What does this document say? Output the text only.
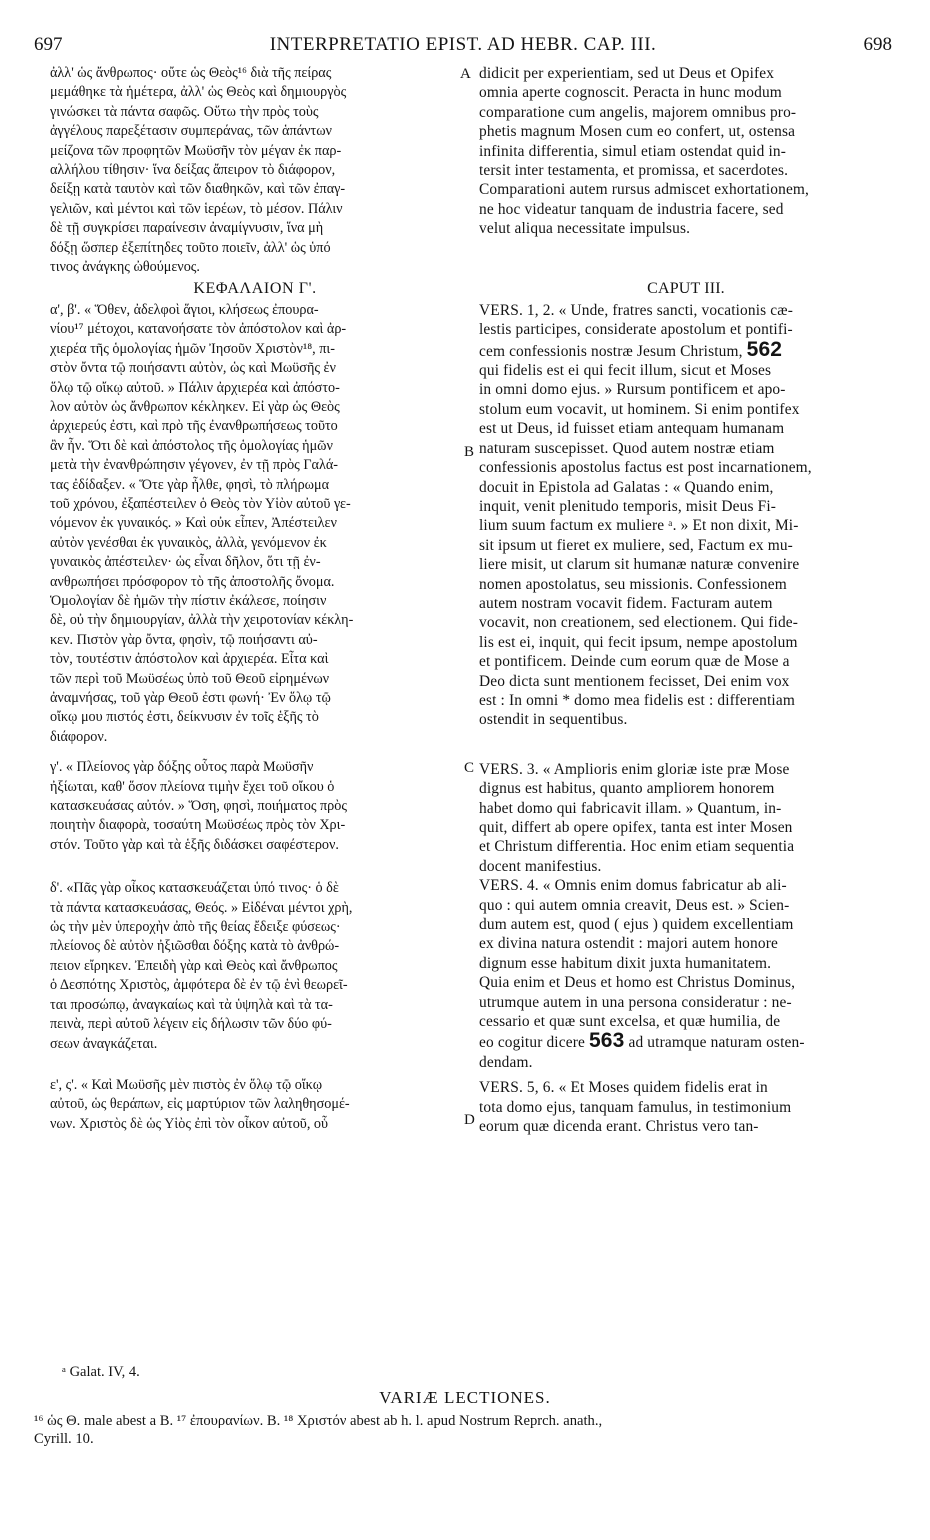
697	INTERPRETATIO EPIST. AD HEBR. CAP. III.	698
A
B
C
D
ἀλλ' ὡς ἄνθρωπος· οὔτε ὡς Θεὸς¹⁶ διὰ τῆς πείρας
μεμάθηκε τὰ ἡμέτερα, ἀλλ' ὡς Θεὸς καὶ δημιουργὸς
γινώσκει τὰ πάντα σαφῶς. Οὕτω τὴν πρὸς τοὺς
ἀγγέλους παρεξέτασιν συμπεράνας, τῶν ἁπάντων
μείζονα τῶν προφητῶν Μωϋσῆν τὸν μέγαν ἐκ παρ-
αλλήλου τίθησιν· ἵνα δείξας ἄπειρον τὸ διάφορον,
δείξῃ κατὰ ταυτὸν καὶ τῶν διαθηκῶν, καὶ τῶν ἐπαγ-
γελιῶν, καὶ μέντοι καὶ τῶν ἱερέων, τὸ μέσον. Πάλιν
δὲ τῇ συγκρίσει παραίνεσιν ἀναμίγνυσιν, ἵνα μὴ
δόξῃ ὥσπερ ἐξεπίτηδες τοῦτο ποιεῖν, ἀλλ' ὡς ὑπό
τινος ἀνάγκης ὠθούμενος.
ΚΕΦΑΛΑΙΟΝ Γ'.
α', β'. « Ὅθεν, ἀδελφοὶ ἅγιοι, κλήσεως ἐπουρα-
νίου¹⁷ μέτοχοι, κατανοήσατε τὸν ἀπόστολον καὶ ἀρ-
χιερέα τῆς ὁμολογίας ἡμῶν Ἰησοῦν Χριστὸν¹⁸, πι-
στὸν ὄντα τῷ ποιήσαντι αὐτὸν, ὡς καὶ Μωϋσῆς ἐν
ὅλῳ τῷ οἴκῳ αὐτοῦ. » Πάλιν ἀρχιερέα καὶ ἀπόστο-
λον αὐτὸν ὡς ἄνθρωπον κέκληκεν. Εἰ γὰρ ὡς Θεὸς
ἀρχιερεύς ἐστι, καὶ πρὸ τῆς ἐνανθρωπήσεως τοῦτο
ἂν ἦν. Ὅτι δὲ καὶ ἀπόστολος τῆς ὁμολογίας ἡμῶν
μετὰ τὴν ἐνανθρώπησιν γέγονεν, ἐν τῇ πρὸς Γαλά-
τας ἐδίδαξεν. « Ὅτε γὰρ ἦλθε, φησὶ, τὸ πλήρωμα
τοῦ χρόνου, ἐξαπέστειλεν ὁ Θεὸς τὸν Υἱὸν αὐτοῦ γε-
νόμενον ἐκ γυναικός. » Καὶ οὐκ εἶπεν, Ἀπέστειλεν
αὐτὸν γενέσθαι ἐκ γυναικὸς, ἀλλὰ, γενόμενον ἐκ
γυναικὸς ἀπέστειλεν· ὡς εἶναι δῆλον, ὅτι τῇ ἐν-
ανθρωπήσει πρόσφορον τὸ τῆς ἀποστολῆς ὄνομα.
Ὁμολογίαν δὲ ἡμῶν τὴν πίστιν ἐκάλεσε, ποίησιν
δὲ, οὐ τὴν δημιουργίαν, ἀλλὰ τὴν χειροτονίαν κέκλη-
κεν. Πιστὸν γὰρ ὄντα, φησὶν, τῷ ποιήσαντι αὐ-
τὸν, τουτέστιν ἀπόστολον καὶ ἀρχιερέα. Εἶτα καὶ
τῶν περὶ τοῦ Μωϋσέως ὑπὸ τοῦ Θεοῦ εἰρημένων
ἀναμνήσας, τοῦ γὰρ Θεοῦ ἐστι φωνή· Ἐν ὅλῳ τῷ
οἴκῳ μου πιστός ἐστι, δείκνυσιν ἐν τοῖς ἑξῆς τὸ
διάφορον.
γ'. « Πλείονος γὰρ δόξης οὗτος παρὰ Μωϋσῆν
ἠξίωται, καθ' ὅσον πλείονα τιμὴν ἔχει τοῦ οἴκου ὁ
κατασκευάσας αὐτόν. » Ὅση, φησὶ, ποιήματος πρὸς
ποιητὴν διαφορὰ, τοσαύτη Μωϋσέως πρὸς τὸν Χρι-
στόν. Τοῦτο γὰρ καὶ τὰ ἑξῆς διδάσκει σαφέστερον.
δ'. «Πᾶς γὰρ οἶκος κατασκευάζεται ὑπό τινος· ὁ δὲ
τὰ πάντα κατασκευάσας, Θεός. » Εἰδέναι μέντοι χρὴ,
ὡς τὴν μὲν ὑπεροχὴν ἀπὸ τῆς θείας ἔδειξε φύσεως·
πλείονος δὲ αὐτὸν ἠξιῶσθαι δόξης κατὰ τὸ ἀνθρώ-
πειον εἴρηκεν. Ἐπειδὴ γὰρ καὶ Θεὸς καὶ ἄνθρωπος
ὁ Δεσπότης Χριστὸς, ἀμφότερα δὲ ἐν τῷ ἑνὶ θεωρεῖ-
ται προσώπῳ, ἀναγκαίως καὶ τὰ ὑψηλὰ καὶ τὰ τα-
πεινὰ, περὶ αὐτοῦ λέγειν εἰς δήλωσιν τῶν δύο φύ-
σεων ἀναγκάζεται.
ε', ς'. « Καὶ Μωϋσῆς μὲν πιστὸς ἐν ὅλῳ τῷ οἴκῳ
αὐτοῦ, ὡς θεράπων, εἰς μαρτύριον τῶν λαληθησομέ-
νων. Χριστὸς δὲ ὡς Υἱὸς ἐπὶ τὸν οἶκον αὐτοῦ, οὗ
didicit per experientiam, sed ut Deus et Opifex
omnia aperte cognoscit. Peracta in hunc modum
comparatione cum angelis, majorem omnibus pro-
phetis magnum Mosen cum eo confert, ut, ostensa
infinita differentia, simul etiam ostendat quid in-
tersit inter testamenta, et promissa, et sacerdotes.
Comparationi autem rursus admiscet exhortationem,
ne hoc videatur tanquam de industria facere, sed
velut aliqua necessitate impulsus.
CAPUT III.
VERS. 1, 2. « Unde, fratres sancti, vocationis cæ-
lestis participes, considerate apostolum et pontifi-
cem confessionis nostræ Jesum Christum, 562
qui fidelis est ei qui fecit illum, sicut et Moses
in omni domo ejus. » Rursum pontificem et apo-
stolum eum vocavit, ut hominem. Si enim pontifex
est ut Deus, id fuisset etiam antequam humanam
naturam suscepisset. Quod autem nostræ etiam
confessionis apostolus factus est post incarnationem,
docuit in Epistola ad Galatas : « Quando enim,
inquit, venit plenitudo temporis, misit Deus Fi-
lium suum factum ex muliere ᵃ. » Et non dixit, Mi-
sit ipsum ut fieret ex muliere, sed, Factum ex mu-
liere misit, ut clarum sit humanæ naturæ convenire
nomen apostolatus, seu missionis. Confessionem
autem nostram vocavit fidem. Facturam autem
vocavit, non creationem, sed electionem. Qui fide-
lis est ei, inquit, qui fecit ipsum, nempe apostolum
et pontificem. Deinde cum eorum quæ de Mose a
Deo dicta sunt mentionem fecisset, Dei enim vox
est : In omni * domo mea fidelis est : differentiam
ostendit in sequentibus.
VERS. 3. « Amplioris enim gloriæ iste præ Mose
dignus est habitus, quanto ampliorem honorem
habet domo qui fabricavit illam. » Quantum, in-
quit, differt ab opere opifex, tanta est inter Mosen
et Christum differentia. Hoc enim etiam sequentia
docent manifestius.
VERS. 4. « Omnis enim domus fabricatur ab ali-
quo : qui autem omnia creavit, Deus est. » Scien-
dum autem est, quod ( ejus ) quidem excellentiam
ex divina natura ostendit : majori autem honore
dignum esse habitum dixit juxta humanitatem.
Quia enim et Deus et homo est Christus Dominus,
utrumque autem in una persona consideratur : ne-
cessario et quæ sunt excelsa, et quæ humilia, de
eo cogitur dicere 563 ad utramque naturam osten-
dendam.
VERS. 5, 6. « Et Moses quidem fidelis erat in
tota domo ejus, tanquam famulus, in testimonium
eorum quæ dicenda erant. Christus vero tan-
ᵃ Galat. IV, 4.
VARIÆ LECTIONES.
¹⁶ ὡς Θ. male abest a B. ¹⁷ ἐπουρανίων. B. ¹⁸ Χριστόν abest ab h. l. apud Nostrum Reprch. anath.,
Cyrill. 10.
